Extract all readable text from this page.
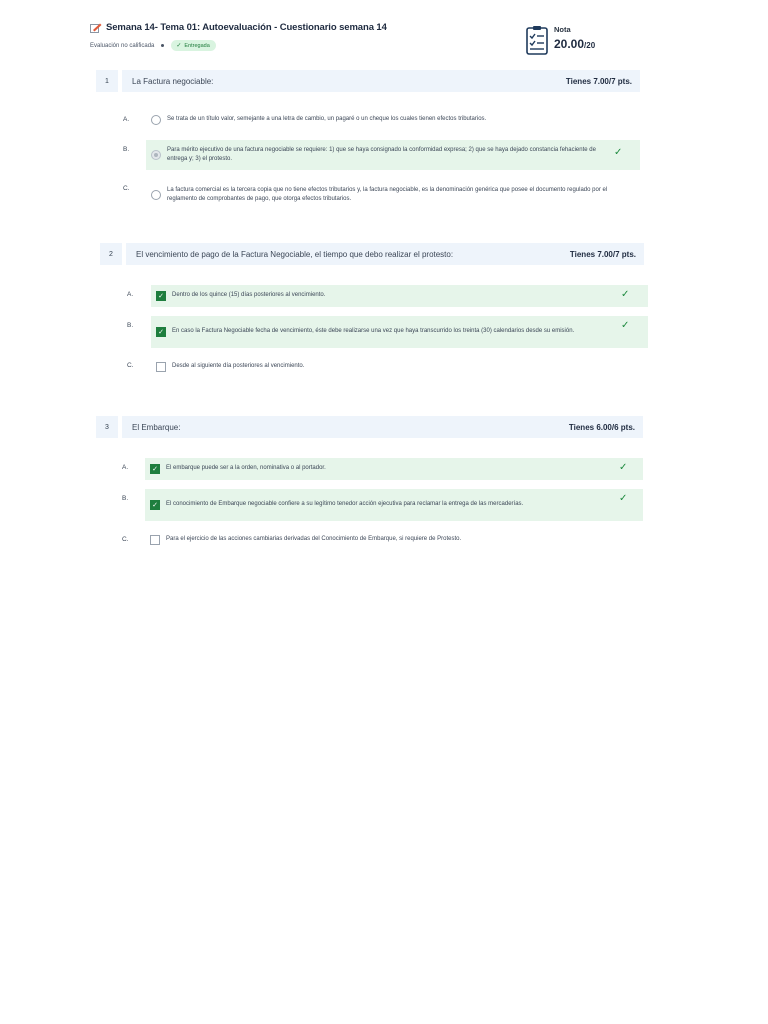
Semana 14- Tema 01: Autoevaluación - Cuestionario semana 14
Evaluación no calificada	✓ Entregada
Nota
20.00/20
1	La Factura negociable:	Tienes 7.00/7 pts.
A.	Se trata de un título valor, semejante a una letra de cambio, un pagaré o un cheque los cuales tienen efectos tributarios.
B.	Para mérito ejecutivo de una factura negociable se requiere: 1) que se haya consignado la conformidad expresa; 2) que se haya dejado constancia fehaciente de entrega y; 3) el protesto.
✓
C.	La factura comercial es la tercera copia que no tiene efectos tributarios y, la factura negociable, es la denominación genérica que posee el documento regulado por el reglamento de comprobantes de pago, que otorga efectos tributarios.
2	El vencimiento de pago de la Factura Negociable, el tiempo que debo realizar el protesto:	Tienes 7.00/7 pts.
A.	✓	Dentro de los quince (15) días posteriores al vencimiento.	✓
B.
✓	En caso la Factura Negociable fecha de vencimiento, éste debe realizarse una vez que haya transcurrido los treinta (30) calendarios desde su emisión.
✓
C.	Desde al siguiente día posteriores al vencimiento.
3	El Embarque:	Tienes 6.00/6 pts.
A.	✓	El embarque puede ser a la orden, nominativa o al portador.	✓
B.
✓	El conocimiento de Embarque negociable confiere a su legítimo tenedor acción ejecutiva para reclamar la entrega de las mercaderías.
✓
C.	Para el ejercicio de las acciones cambiarias derivadas del Conocimiento de Embarque, si requiere de Protesto.
